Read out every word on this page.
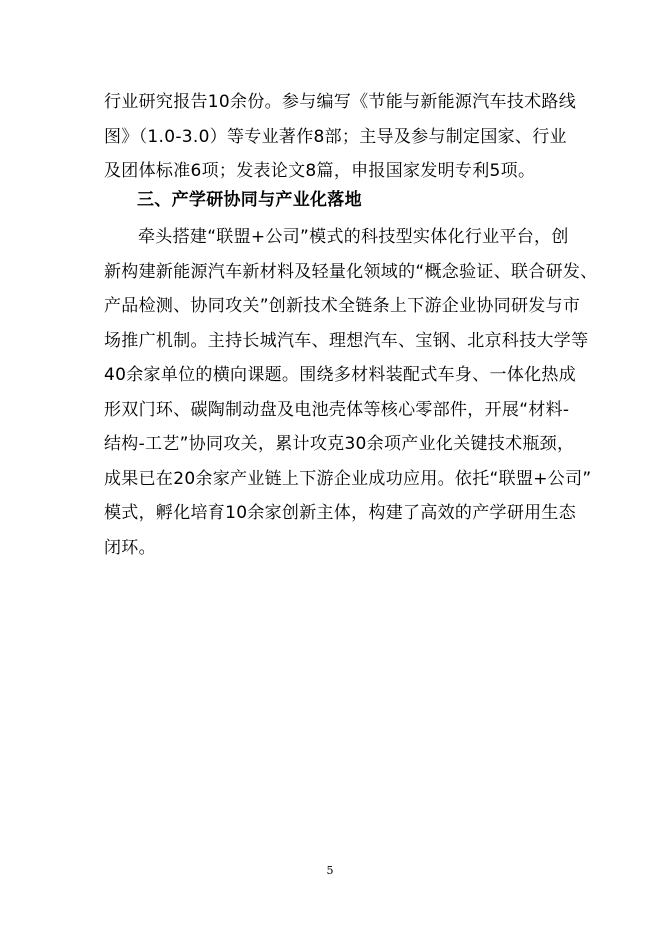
行业研究报告10余份。参与编写《节能与新能源汽车技术路线
图》（1.0-3.0）等专业著作8部；主导及参与制定国家、行业
及团体标准6项；发表论文8篇，申报国家发明专利5项。
三、产学研协同与产业化落地
牵头搭建“联盟+公司”模式的科技型实体化行业平台，创
新构建新能源汽车新材料及轻量化领域的“概念验证、联合研发、
产品检测、协同攻关”创新技术全链条上下游企业协同研发与市
场推广机制。主持长城汽车、理想汽车、宝钢、北京科技大学等
40余家单位的横向课题。围绕多材料装配式车身、一体化热成
形双门环、碳陶制动盘及电池壳体等核心零部件，开展“材料-
结构-工艺”协同攻关，累计攻克30余项产业化关键技术瓶颈，
成果已在20余家产业链上下游企业成功应用。依托“联盟+公司”
模式，孵化培育10余家创新主体，构建了高效的产学研用生态
闭环。
5
